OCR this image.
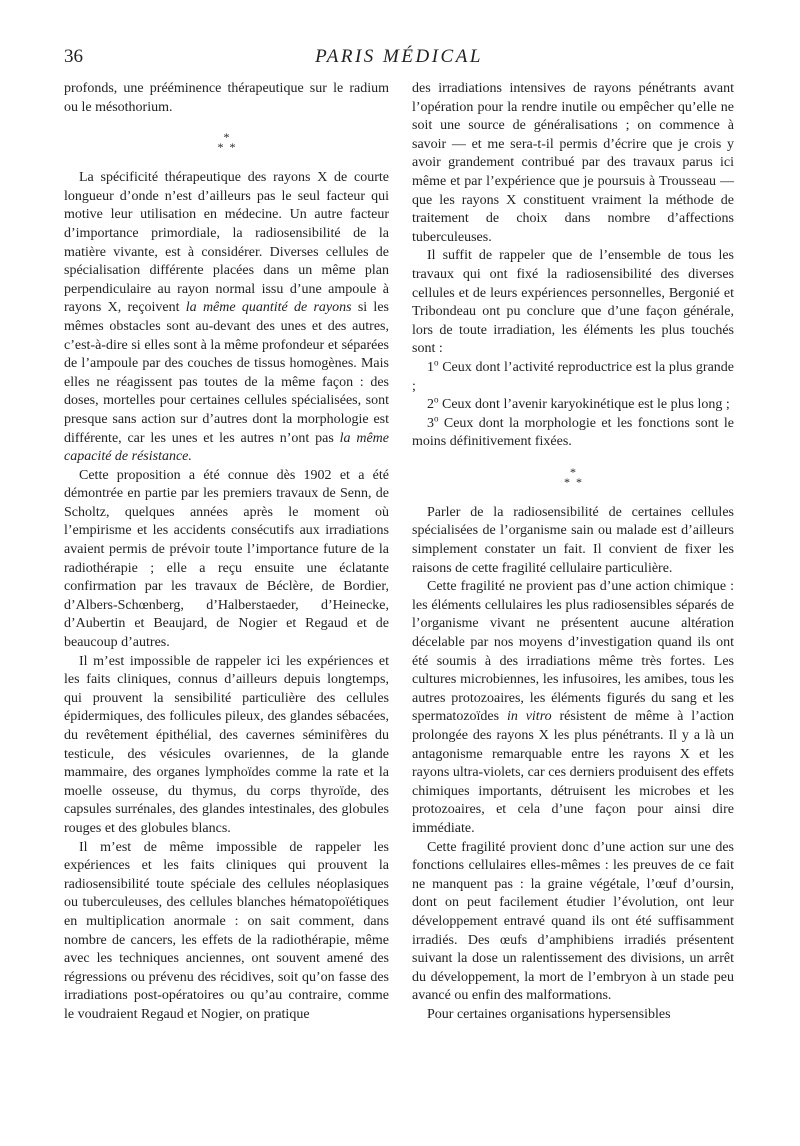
36	PARIS MÉDICAL

profonds, une prééminence thérapeutique sur le radium ou le mésothorium.

*
**

La spécificité thérapeutique des rayons X de courte longueur d’onde n’est d’ailleurs pas le seul facteur qui motive leur utilisation en médecine. Un autre facteur d’importance primordiale, la radiosensibilité de la matière vivante, est à considérer. Diverses cellules de spécialisation différente placées dans un même plan perpendiculaire au rayon normal issu d’une ampoule à rayons X, reçoivent la même quantité de rayons si les mêmes obstacles sont au-devant des unes et des autres, c’est-à-dire si elles sont à la même profondeur et séparées de l’ampoule par des couches de tissus homogènes. Mais elles ne réagissent pas toutes de la même façon : des doses, mortelles pour certaines cellules spécialisées, sont presque sans action sur d’autres dont la morphologie est différente, car les unes et les autres n’ont pas la même capacité de résistance.

Cette proposition a été connue dès 1902 et a été démontrée en partie par les premiers travaux de Senn, de Scholtz, quelques années après le moment où l’empirisme et les accidents consécutifs aux irradiations avaient permis de prévoir toute l’importance future de la radiothérapie ; elle a reçu ensuite une éclatante confirmation par les travaux de Béclère, de Bordier, d’Albers-Schœnberg, d’Halberstaeder, d’Heinecke, d’Aubertin et Beaujard, de Nogier et Regaud et de beaucoup d’autres.

Il m’est impossible de rappeler ici les expériences et les faits cliniques, connus d’ailleurs depuis longtemps, qui prouvent la sensibilité particulière des cellules épidermiques, des follicules pileux, des glandes sébacées, du revêtement épithélial, des cavernes séminifères du testicule, des vésicules ovariennes, de la glande mammaire, des organes lymphoïdes comme la rate et la moelle osseuse, du thymus, du corps thyroïde, des capsules surrénales, des glandes intestinales, des globules rouges et des globules blancs.

Il m’est de même impossible de rappeler les expériences et les faits cliniques qui prouvent la radiosensibilité toute spéciale des cellules néoplasiques ou tuberculeuses, des cellules blanches hématopoïétiques en multiplication anormale : on sait comment, dans nombre de cancers, les effets de la radiothérapie, même avec les techniques anciennes, ont souvent amené des régressions ou prévenu des récidives, soit qu’on fasse des irradiations post-opératoires ou qu’au contraire, comme le voudraient Regaud et Nogier, on pratique

des irradiations intensives de rayons pénétrants avant l’opération pour la rendre inutile ou empêcher qu’elle ne soit une source de généralisations ; on commence à savoir — et me sera-t-il permis d’écrire que je crois y avoir grandement contribué par des travaux parus ici même et par l’expérience que je poursuis à Trousseau — que les rayons X constituent vraiment la méthode de traitement de choix dans nombre d’affections tuberculeuses.

Il suffit de rappeler que de l’ensemble de tous les travaux qui ont fixé la radiosensibilité des diverses cellules et de leurs expériences personnelles, Bergonié et Tribondeau ont pu conclure que d’une façon générale, lors de toute irradiation, les éléments les plus touchés sont :

1$^o$ Ceux dont l’activité reproductrice est la plus grande ;

2$^o$ Ceux dont l’avenir karyokinétique est le plus long ;

3$^o$ Ceux dont la morphologie et les fonctions sont le moins définitivement fixées.

*
**

Parler de la radiosensibilité de certaines cellules spécialisées de l’organisme sain ou malade est d’ailleurs simplement constater un fait. Il convient de fixer les raisons de cette fragilité cellulaire particulière.

Cette fragilité ne provient pas d’une action chimique : les éléments cellulaires les plus radiosensibles séparés de l’organisme vivant ne présentent aucune altération décelable par nos moyens d’investigation quand ils ont été soumis à des irradiations même très fortes. Les cultures microbiennes, les infusoires, les amibes, tous les autres protozoaires, les éléments figurés du sang et les spermatozoïdes in vitro résistent de même à l’action prolongée des rayons X les plus pénétrants. Il y a là un antagonisme remarquable entre les rayons X et les rayons ultra-violets, car ces derniers produisent des effets chimiques importants, détruisent les microbes et les protozoaires, et cela d’une façon pour ainsi dire immédiate.

Cette fragilité provient donc d’une action sur une des fonctions cellulaires elles-mêmes : les preuves de ce fait ne manquent pas : la graine végétale, l’œuf d’oursin, dont on peut facilement étudier l’évolution, ont leur développement entravé quand ils ont été suffisamment irradiés. Des œufs d’amphibiens irradiés présentent suivant la dose un ralentissement des divisions, un arrêt du développement, la mort de l’embryon à un stade peu avancé ou enfin des malformations.

Pour certaines organisations hypersensibles
